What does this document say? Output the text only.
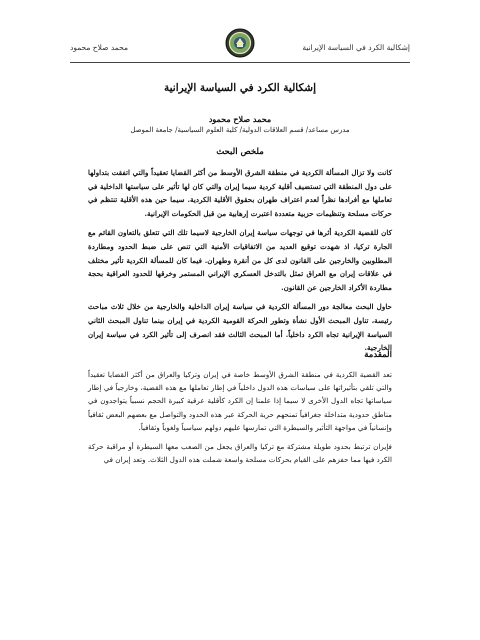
إشكالية الكرد في السياسة الإيرانية
محمد صلاح محمود
إشكالية الكرد في السياسة الإيرانية
محمد صلاح محمود
مدرس مساعد/ قسم العلاقات الدولية/ كلية العلوم السياسية/ جامعة الموصل
ملخص البحث

كانت ولا تزال المسألة الكردية في منطقة الشرق الأوسط من أكثر القضايا تعقيداً والتي اتفقت بتداولها على دول المنطقة التي تستضيف أقلية كردية سيما إيران والتي كان لها تأثير على سياستها الداخلية في تعاملها مع أفرادها نظراً لعدم اعتراف طهران بحقوق الأقلية الكردية. سيما حين هذه الأقلية تنتظم في حركات مسلحة وتنظيمات حزبية متعددة اعتبرت إرهابية من قبل الحكومات الإيرانية.

كان للقضية الكردية أثرها في توجهات سياسة إيران الخارجية لاسيما تلك التي تتعلق بالتعاون القائم مع الجارة تركيا، اذ شهدت توقيع العديد من الاتفاقيات الأمنية التي تنص على ضبط الحدود ومطاردة المطلوبين والخارجين على القانون لدى كل من أنقرة وطهران. فيما كان للمسألة الكردية تأثير مختلف في علاقات إيران مع العراق تمثل بالتدخل العسكري الإيراني المستمر وخرقها للحدود العراقية بحجة مطاردة الأكراد الخارجين عن القانون.

حاول البحث معالجة دور المسألة الكردية في سياسة إيران الداخلية والخارجية من خلال ثلاث مباحث رئيسة، تناول المبحث الأول نشأة وتطور الحركة القومية الكردية في إيران بينما تناول المبحث الثاني السياسة الإيرانية تجاه الكرد داخلياً. أما المبحث الثالث فقد انصرف إلى تأثير الكرد في سياسة إيران الخارجية.

المقدمة

تعد القضية الكردية في منطقة الشرق الأوسط خاصة في إيران وتركيا والعراق من أكثر القضايا تعقيداً والتي تلقي بتأثيراتها على سياسات هذه الدول داخلياً في إطار تعاملها مع هذه القضية، وخارجياً في إطار سياساتها تجاه الدول الأخرى لا سيما إذا علمنا إن الكرد كأقلية عرقية كبيرة الحجم نسبياً يتواجدون في مناطق حدودية متداخلة جغرافياً تمنحهم حرية الحركة عبر هذه الحدود والتواصل مع بعضهم البعض ثقافياً وإنسانياً في مواجهة التأثير والسيطرة التي تمارسها عليهم دولهم سياسياً ولغوياً وثقافياً.

فإيران ترتبط بحدود طويلة مشتركة مع تركيا والعراق يجعل من الصعب معها السيطرة أو مراقبة حركة الكرد فيها مما حفزهم على القيام بحركات مسلحة واسعة شملت هذه الدول الثلاث. وتعد إيران في
